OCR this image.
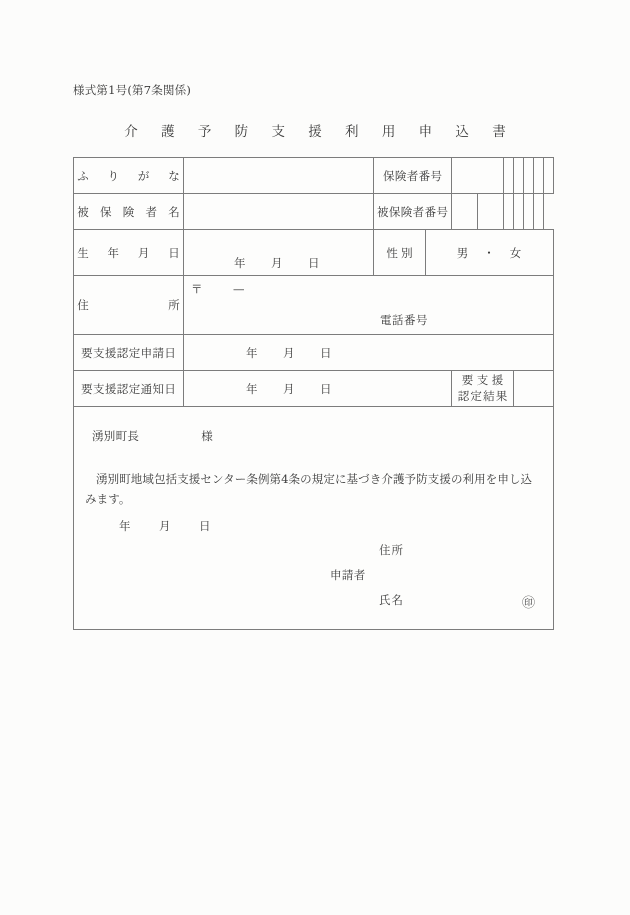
様式第1号(第7条関係)
介 護 予 防 支 援 利 用 申 込 書
ふりがな		保険者番号								
被保険者名		被保険者番号								
生年月日	年 月 日	性別	男 ・ 女							

住所	〒 —
電話番号									

要支援認定申請日	年 月 日									

要支援認定通知日	年 月 日			要支援
認定結果						

湧別町長	様
湧別町地域包括支援センター条例第4条の規定に基づき介護予防支援の利用を申し込みます。
年 月 日
住所
申請者
氏名	㊞
